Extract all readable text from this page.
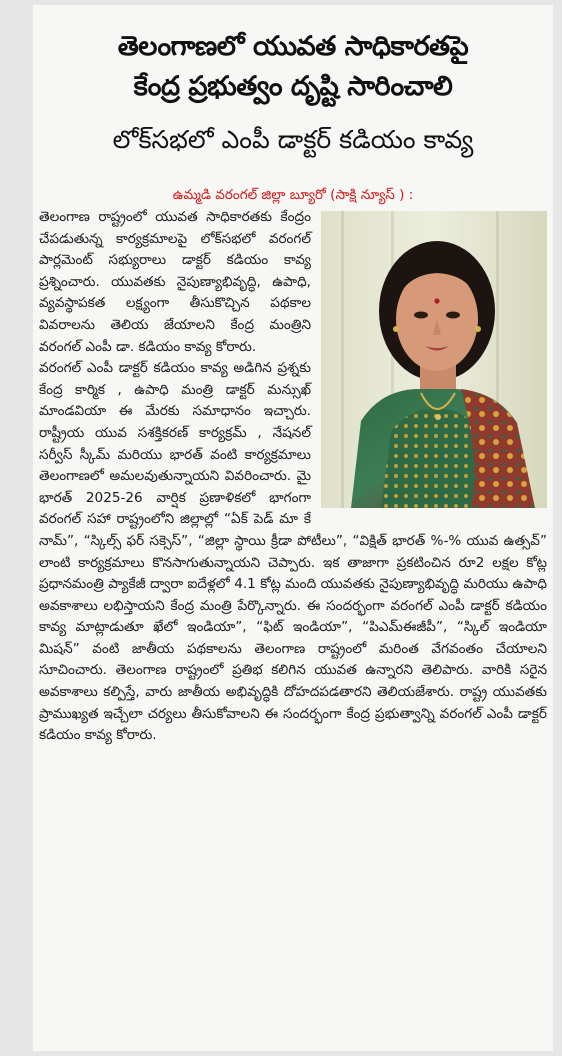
తెలంగాణలో యువత సాధికారతపై
కేంద్ర ప్రభుత్వం దృష్టి సారించాలి
లోక్‌సభలో ఎంపీ డాక్టర్ కడియం కావ్య
ఉమ్మడి వరంగల్ జిల్లా బ్యూరో (సాక్షి న్యూస్ ) :

తెలంగాణ రాష్ట్రంలో యువత సాధికారతకు కేంద్రం చేపడుతున్న కార్యక్రమాలపై లోక్‌సభలో వరంగల్ పార్లమెంట్ సభ్యురాలు డాక్టర్ కడియం కావ్య ప్రశ్నించారు. యువతకు నైపుణ్యాభివృద్ధి, ఉపాధి, వ్యవస్థాపకత లక్ష్యంగా తీసుకొచ్చిన పథకాల వివరాలను తెలియ జేయాలని కేంద్ర మంత్రిని వరంగల్ ఎంపీ డా. కడియం కావ్య కోరారు.

వరంగల్ ఎంపీ డాక్టర్ కడియం కావ్య అడిగిన ప్రశ్నకు కేంద్ర కార్మిక , ఉపాధి మంత్రి డాక్టర్ మన్సుఖ్ మాండవియా ఈ మేరకు సమాధానం ఇచ్చారు. రాష్ట్రీయ యువ సశక్తికరణ్ కార్యక్రమ్ , నేషనల్ సర్వీస్ స్కీమ్ మరియు భారత్ వంటి కార్యక్రమాలు తెలంగాణలో అమలవుతున్నాయని వివరించారు. మై భారత్ 2025-26 వార్షిక ప్రణాళికలో భాగంగా వరంగల్ సహా రాష్ట్రంలోని జిల్లాల్లో “ఏక్ పెడ్ మా కే నామ్”, “స్కిల్స్ ఫర్ సక్సెస్”, “జిల్లా స్థాయి క్రీడా పోటీలు”, “విక్షిత్ భారత్ %-% యువ ఉత్సవ్” లాంటి కార్యక్రమాలు కొనసాగుతున్నాయని చెప్పారు. ఇక తాజాగా ప్రకటించిన రూ2 లక్షల కోట్ల ప్రధానమంత్రి ప్యాకేజీ ద్వారా ఐదేళ్లలో 4.1 కోట్ల మంది యువతకు నైపుణ్యాభివృద్ధి మరియు ఉపాధి అవకాశాలు లభిస్తాయని కేంద్ర మంత్రి పేర్కొన్నారు. ఈ సందర్భంగా వరంగల్ ఎంపీ డాక్టర్ కడియం కావ్య మాట్లాడుతూ ఖేలో ఇండియా”, “ఫిట్ ఇండియా”, “పిఎమ్ఈజీపీ”, “స్కిల్ ఇండియా మిషన్” వంటి జాతీయ పథకాలను తెలంగాణ రాష్ట్రంలో మరింత వేగవంతం చేయాలని సూచించారు. తెలంగాణ రాష్ట్రంలో ప్రతిభ కలిగిన యువత ఉన్నారని తెలిపారు. వారికి సరైన అవకాశాలు కల్పిస్తే, వారు జాతీయ అభివృద్ధికి దోహదపడతారని తెలియజేశారు. రాష్ట్ర యువతకు ప్రాముఖ్యత ఇచ్చేలా చర్యలు తీసుకోవాలని ఈ సందర్భంగా కేంద్ర ప్రభుత్వాన్ని వరంగల్ ఎంపీ డాక్టర్ కడియం కావ్య కోరారు.
